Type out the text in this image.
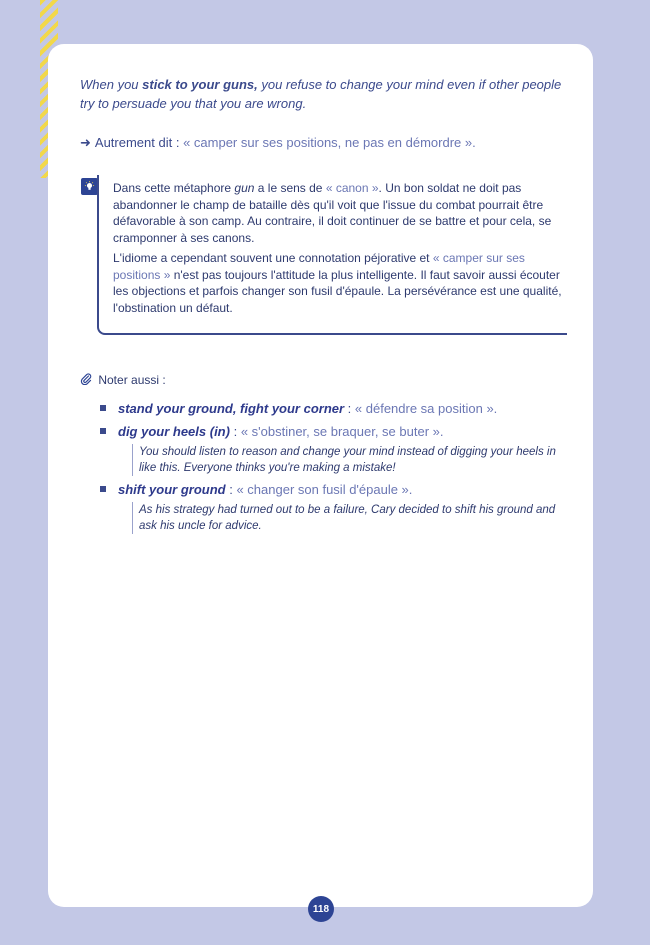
When you stick to your guns, you refuse to change your mind even if other people try to persuade you that you are wrong.
➜ Autrement dit : « camper sur ses positions, ne pas en démordre ».

Dans cette métaphore gun a le sens de « canon ». Un bon soldat ne doit pas abandonner le champ de bataille dès qu'il voit que l'issue du combat pourrait être défavorable à son camp. Au contraire, il doit continuer de se battre et pour cela, se cramponner à ses canons.

L'idiome a cependant souvent une connotation péjorative et « camper sur ses positions » n'est pas toujours l'attitude la plus intelligente. Il faut savoir aussi écouter les objections et parfois changer son fusil d'épaule. La persévérance est une qualité, l'obstination un défaut.

Noter aussi :
stand your ground, fight your corner : « défendre sa position ».
dig your heels (in) : « s'obstiner, se braquer, se buter ».
You should listen to reason and change your mind instead of digging your heels in like this. Everyone thinks you're making a mistake!
shift your ground : « changer son fusil d'épaule ».
As his strategy had turned out to be a failure, Cary decided to shift his ground and ask his uncle for advice.
118
